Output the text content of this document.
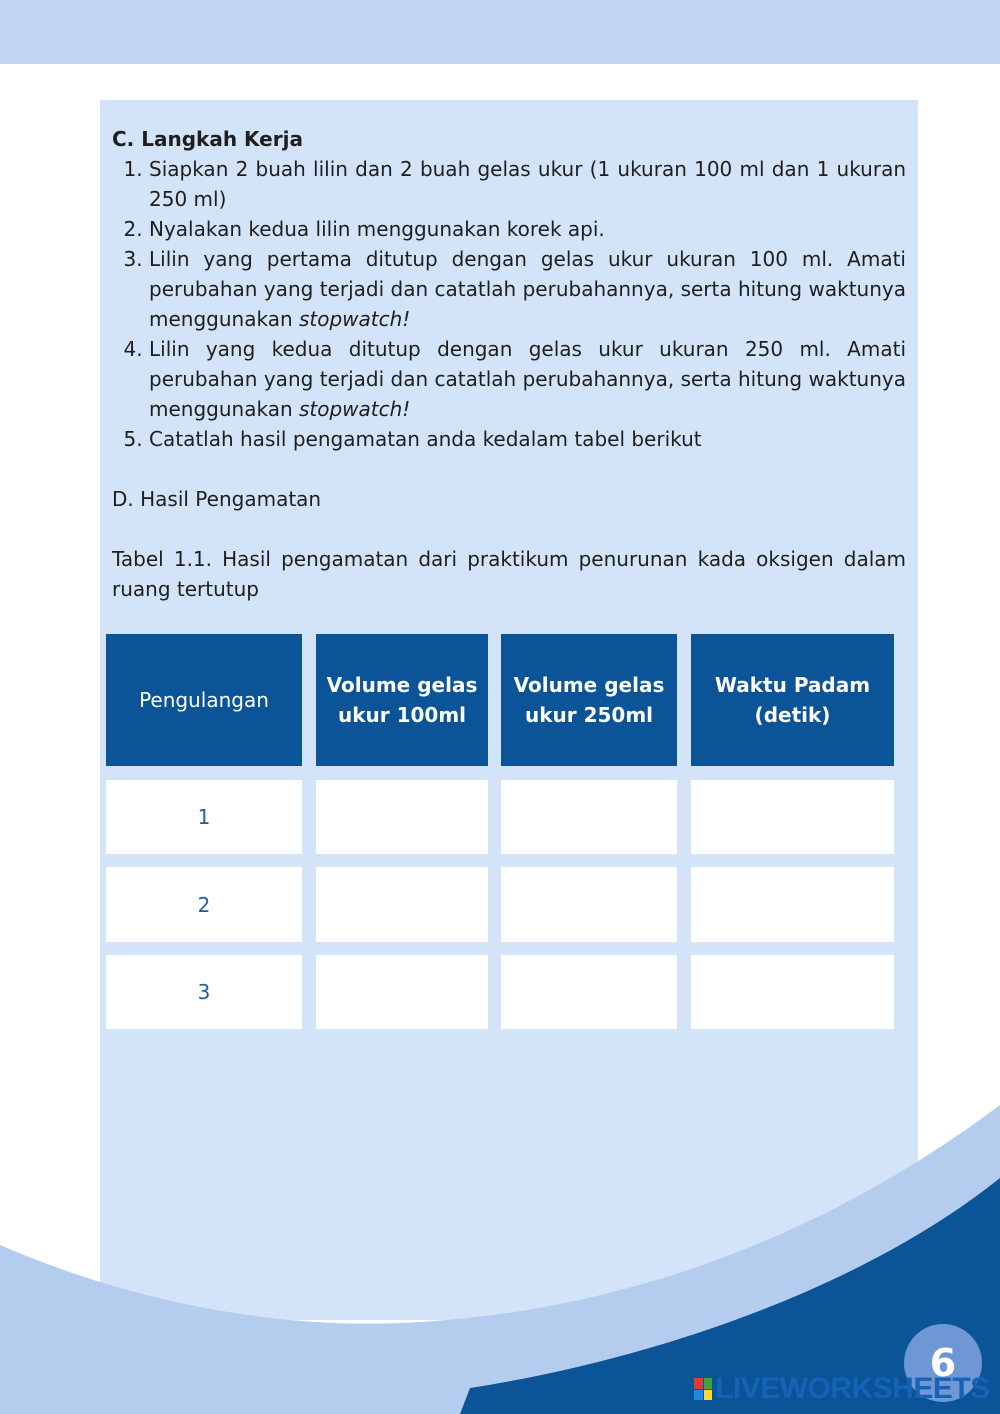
C. Langkah Kerja
1. Siapkan 2 buah lilin dan 2 buah gelas ukur (1 ukuran 100 ml dan 1 ukuran 250 ml)
2. Nyalakan kedua lilin menggunakan korek api.
3. Lilin yang pertama ditutup dengan gelas ukur ukuran 100 ml. Amati perubahan yang terjadi dan catatlah perubahannya, serta hitung waktunya menggunakan stopwatch!
4. Lilin yang kedua ditutup dengan gelas ukur ukuran 250 ml. Amati perubahan yang terjadi dan catatlah perubahannya, serta hitung waktunya menggunakan stopwatch!
5. Catatlah hasil pengamatan anda kedalam tabel berikut
D. Hasil Pengamatan
Tabel 1.1. Hasil pengamatan dari praktikum penurunan kada oksigen dalam ruang tertutup
Pengulangan
Volume gelas ukur 100ml
Volume gelas ukur 250ml
Waktu Padam (detik)
1
2
3
6
LIVEWORKSHEETS
